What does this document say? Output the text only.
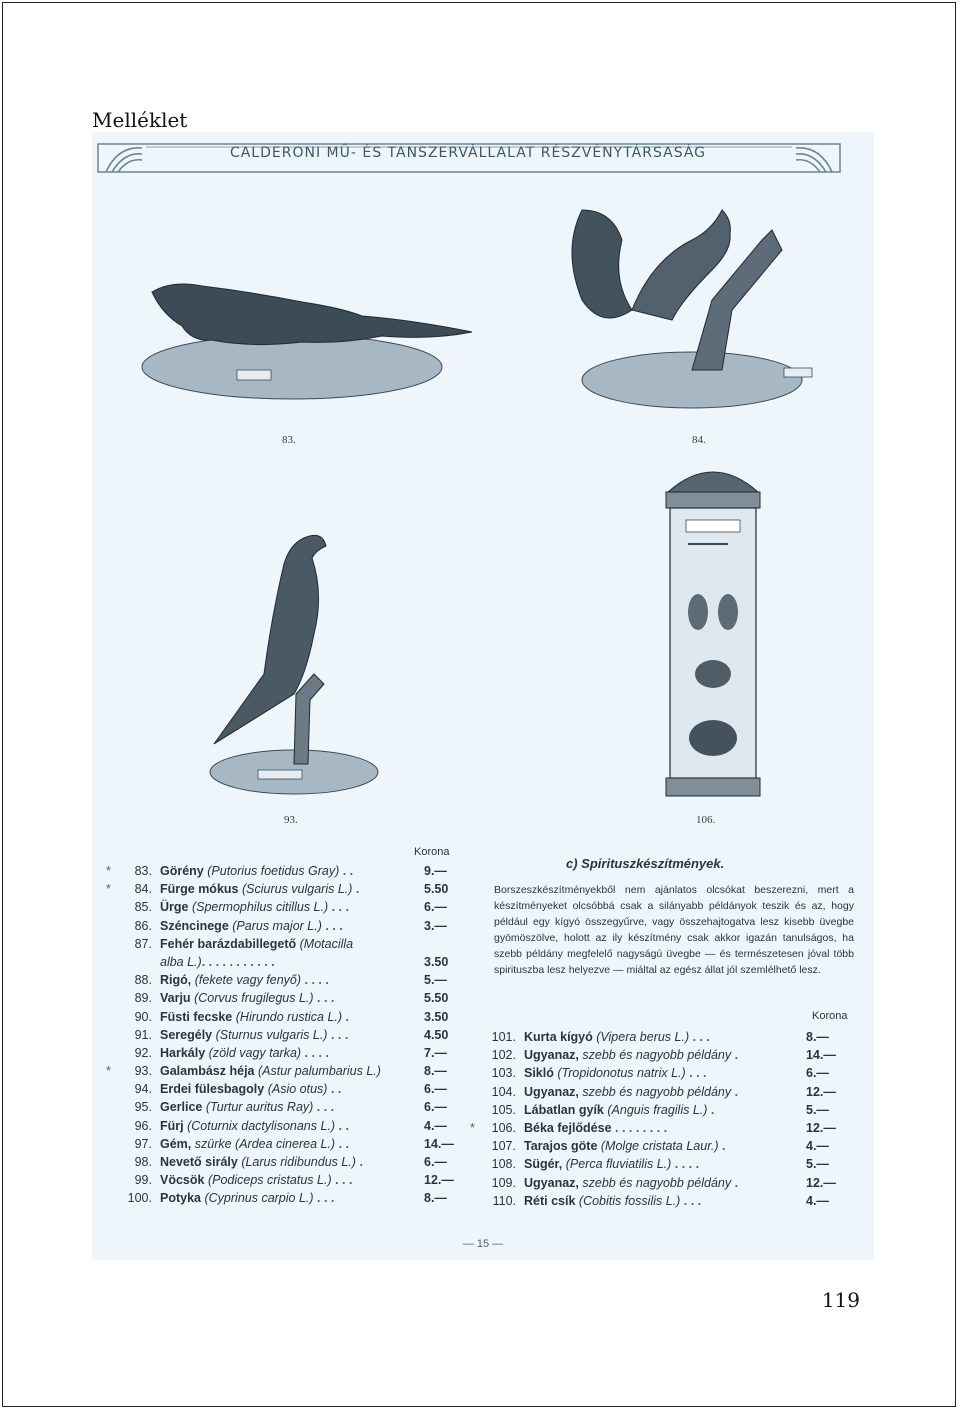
Melléklet
CALDERONI MŰ- ÉS TANSZERVÁLLALAT RÉSZVÉNYTÁRSASÁG
83.	84.
93.	106.
Korona
*	83. Görény (Putorius foetidus Gray) . .	9.—
*	84. Fürge mókus (Sciurus vulgaris L.) .	5.50
85. Ürge (Spermophilus citillus L.) . . .	6.—
86. Széncinege (Parus major L.) . . .	3.—
87. Fehér barázdabillegető (Motacilla
alba L.). . . . . . . . . . .	3.50
88. Rigó, (fekete vagy fenyő) . . . .	5.—
89. Varju (Corvus frugilegus L.) . . .	5.50
90. Füsti fecske (Hirundo rustica L.) .	3.50
91. Seregély (Sturnus vulgaris L.) . . .	4.50
92. Harkály (zöld vagy tarka) . . . .	7.—
*	93. Galambász héja (Astur palumbarius L.)	8.—
94. Erdei fülesbagoly (Asio otus) . .	6.—
95. Gerlice (Turtur auritus Ray) . . .	6.—
96. Fürj (Coturnix dactylisonans L.) . .	4.—
97. Gém, szürke (Ardea cinerea L.) . .	14.—
98. Nevető sirály (Larus ridibundus L.) .	6.—
99. Vöcsök (Podiceps cristatus L.) . . .	12.—
100. Potyka (Cyprinus carpio L.) . . .	8.—
c) Spirituszkészítmények.
Borszeszkészítményekből nem ajánlatos olcsókat beszerezni, mert a készítményeket olcsóbbá csak a silányabb példányok teszik és az, hogy például egy kígyó összegyűrve, vagy összehajtogatva lesz kisebb üvegbe gyömöszölve, holott az ily készítmény csak akkor igazán tanulságos, ha szebb példány megfelelő nagyságú üvegbe — és természetesen jóval több spirituszba lesz helyezve — miáltal az egész állat jól szemlélhető lesz.
Korona
101. Kurta kígyó (Vipera berus L.) . . .	8.—
102. Ugyanaz, szebb és nagyobb példány .	14.—
103. Sikló (Tropidonotus natrix L.) . . .	6.—
104. Ugyanaz, szebb és nagyobb példány .	12.—
105. Lábatlan gyík (Anguis fragilis L.) .	5.—
*	106. Béka fejlődése . . . . . . . .	12.—
107. Tarajos göte (Molge cristata Laur.) .	4.—
108. Sügér, (Perca fluviatilis L.) . . . .	5.—
109. Ugyanaz, szebb és nagyobb példány .	12.—
110. Réti csík (Cobitis fossilis L.) . . .	4.—
— 15 —
119
